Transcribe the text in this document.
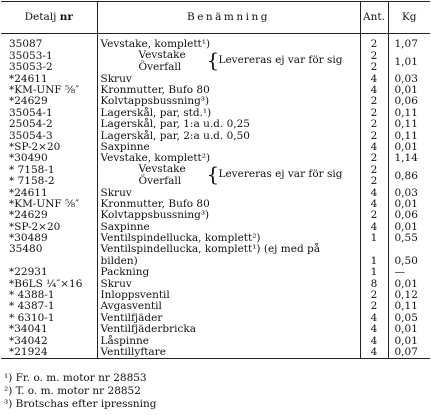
Detalj nr	Benämning	Ant.	Kg
35087	Vevstake, komplett¹)	2	1,07
35053-1	Vevstake { Levereras ej var för sig	2	1,01
35053-2	Överfall	2	
*24611	Skruv	4	0,03
*KM-UNF ⅝″	Kronmutter, Bufo 80	4	0,01
*24629	Kolvtappsbussning³)	2	0,06
35054-1	Lagerskål, par, std.¹)	2	0,11
25054-2	Lagerskål, par, 1:a u.d. 0,25	2	0,11
35054-3	Lagerskål, par, 2:a u.d. 0,50	2	0,11
*SP-2×20	Saxpinne	4	0,01
*30490	Vevstake, komplett²)	2	1,14
* 7158-1	Vevstake { Levereras ej var för sig	2	0,86
* 7158-2	Överfall	2	
*24611	Skruv	4	0,03
*KM-UNF ⅝″	Kronmutter, Bufo 80	4	0,01
*24629	Kolvtappsbussning³)	2	0,06
*SP-2×20	Saxpinne	4	0,01
*30489	Ventilspindellucka, komplett²)	1	0,55
35480	Ventilspindellucka, komplett¹) (ej med på		
	bilden)	1	0,50
*22931	Packning	1	—
*B6LS ¼″×16	Skruv	8	0,01
* 4388-1	Inloppsventil	2	0,12
* 4387-1	Avgasventil	2	0,11
* 6310-1	Ventilfjäder	4	0,05
*34041	Ventilfjäderbricka	4	0,01
*34042	Låspinne	4	0,01
*21924	Ventillyftare	4	0,07
¹) Fr. o. m. motor nr 28853
²) T. o. m. motor nr 28852
³) Brotschas efter ipressning
